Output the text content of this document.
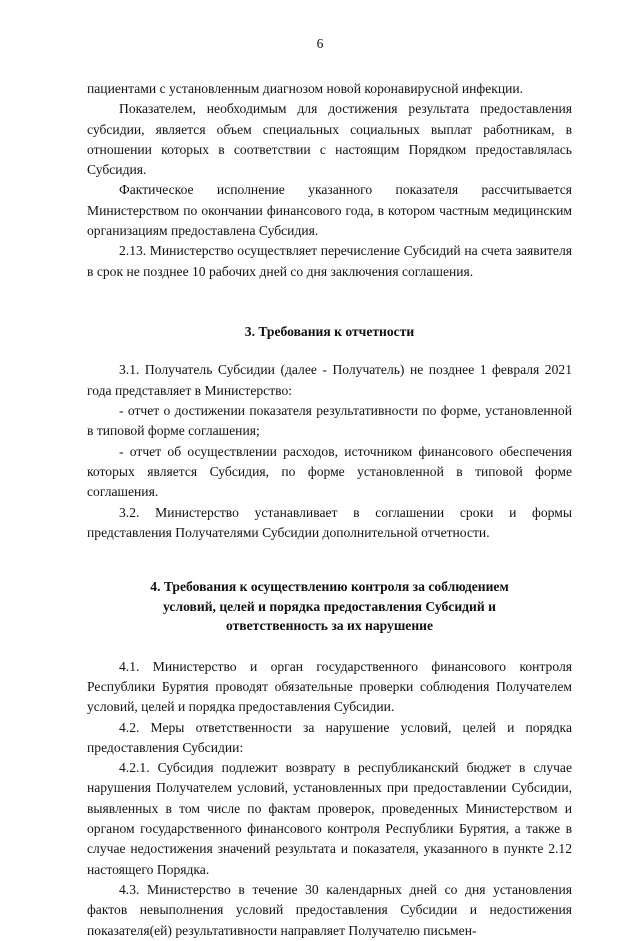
6

пациентами с установленным диагнозом новой коронавирусной инфекции.

Показателем, необходимым для достижения результата предоставления субсидии, является объем специальных социальных выплат работникам, в отношении которых в соответствии с настоящим Порядком предоставлялась Субсидия.

Фактическое исполнение указанного показателя рассчитывается Министерством по окончании финансового года, в котором частным медицинским организациям предоставлена Субсидия.

2.13. Министерство осуществляет перечисление Субсидий на счета заявителя в срок не позднее 10 рабочих дней со дня заключения соглашения.

3. Требования к отчетности

3.1. Получатель Субсидии (далее - Получатель) не позднее 1 февраля 2021 года представляет в Министерство:

- отчет о достижении показателя результативности по форме, установленной в типовой форме соглашения;

- отчет об осуществлении расходов, источником финансового обеспечения которых является Субсидия, по форме установленной в типовой форме соглашения.

3.2. Министерство устанавливает в соглашении сроки и формы представления Получателями Субсидии дополнительной отчетности.

4. Требования к осуществлению контроля за соблюдением
условий, целей и порядка предоставления Субсидий и
ответственность за их нарушение

4.1. Министерство и орган государственного финансового контроля Республики Бурятия проводят обязательные проверки соблюдения Получателем условий, целей и порядка предоставления Субсидии.

4.2. Меры ответственности за нарушение условий, целей и порядка предоставления Субсидии:

4.2.1. Субсидия подлежит возврату в республиканский бюджет в случае нарушения Получателем условий, установленных при предоставлении Субсидии, выявленных в том числе по фактам проверок, проведенных Министерством и органом государственного финансового контроля Республики Бурятия, а также в случае недостижения значений результата и показателя, указанного в пункте 2.12 настоящего Порядка.

4.3. Министерство в течение 30 календарных дней со дня установления фактов невыполнения условий предоставления Субсидии и недостижения показателя(ей) результативности направляет Получателю письмен-
